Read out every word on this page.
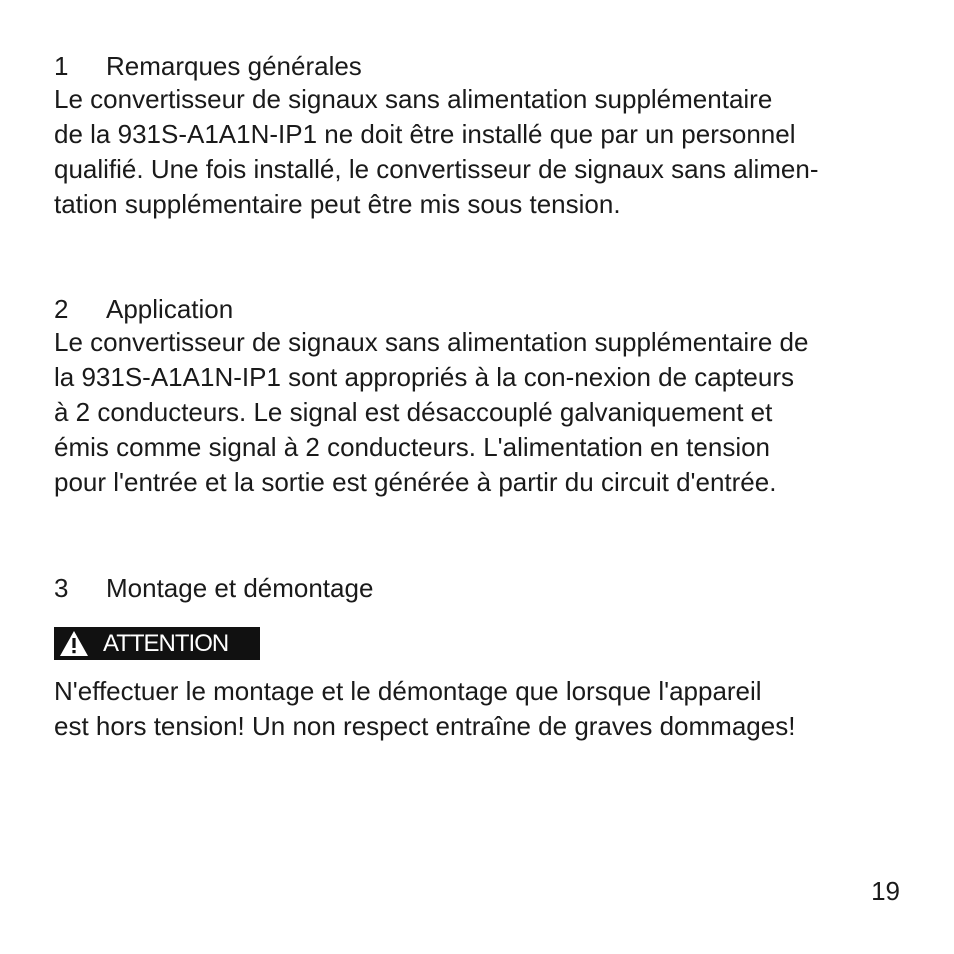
1	Remarques générales

Le convertisseur de signaux sans alimentation supplémentaire
de la 931S-A1A1N-IP1 ne doit être installé que par un personnel
qualifié. Une fois installé, le convertisseur de signaux sans alimen-
tation supplémentaire peut être mis sous tension.

2	Application

Le convertisseur de signaux sans alimentation supplémentaire de
la 931S-A1A1N-IP1 sont appropriés à la con-nexion de capteurs
à 2 conducteurs. Le signal est désaccouplé galvaniquement et
émis comme signal à 2 conducteurs. L'alimentation en tension
pour l'entrée et la sortie est générée à partir du circuit d'entrée.

3	Montage et démontage
ATTENTION

N'effectuer le montage et le démontage que lorsque l'appareil
est hors tension! Un non respect entraîne de graves dommages!

19
